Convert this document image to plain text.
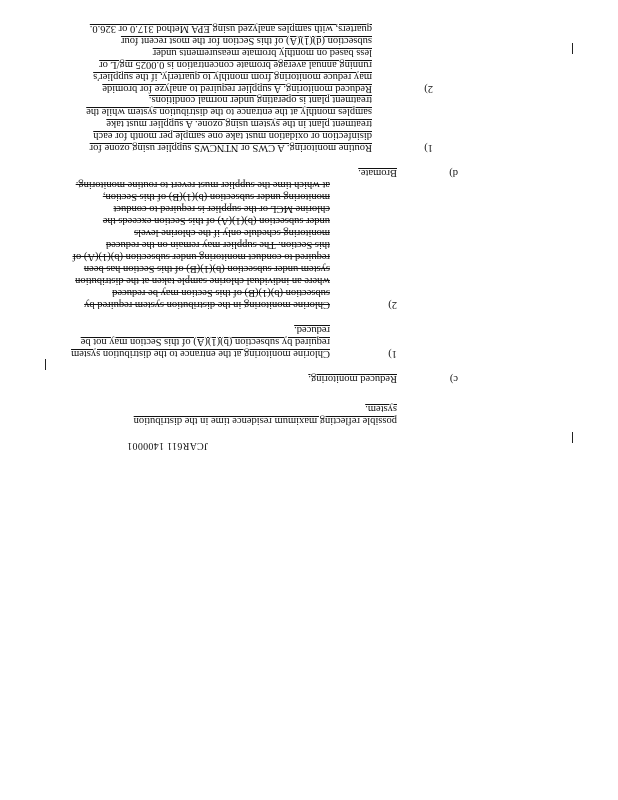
JCAR611 1400001
possible reflecting maximum residence time in the distribution
system.
c)
Reduced monitoring.
1)
Chlorine monitoring at the entrance to the distribution system
required by subsection (b)(1)(A) of this Section may not be
reduced.
2)
Chlorine monitoring in the distribution system required by
subsection (b)(1)(B) of this Section may be reduced
where an individual chlorine sample taken at the distribution
system under subsection (b)(1)(B) of this Section has been
required to conduct monitoring under subsection (b)(1)(A) of
this Section. The supplier may remain on the reduced
monitoring schedule only if the chlorine levels
under subsection (b)(1)(A) of this Section exceeds the
chlorine MCL or the supplier is required to conduct
monitoring under subsection (b)(1)(B) of this Section,
at which time the supplier must revert to routine monitoring.
d)
Bromate.
1)
Routine monitoring. A CWS or NTNCWS supplier using ozone for
disinfection or oxidation must take one sample per month for each
treatment plant in the system using ozone. A supplier must take
samples monthly at the entrance to the distribution system while the
treatment plant is operating under normal conditions.
2)
Reduced monitoring. A supplier required to analyze for bromide
may reduce monitoring from monthly to quarterly, if the supplier's
running annual average bromate concentration is 0.0025 mg/L or
less based on monthly bromate measurements under
subsection (d)(1)(A) of this Section for the most recent four
quarters, with samples analyzed using EPA Method 317.0 or 326.0.
